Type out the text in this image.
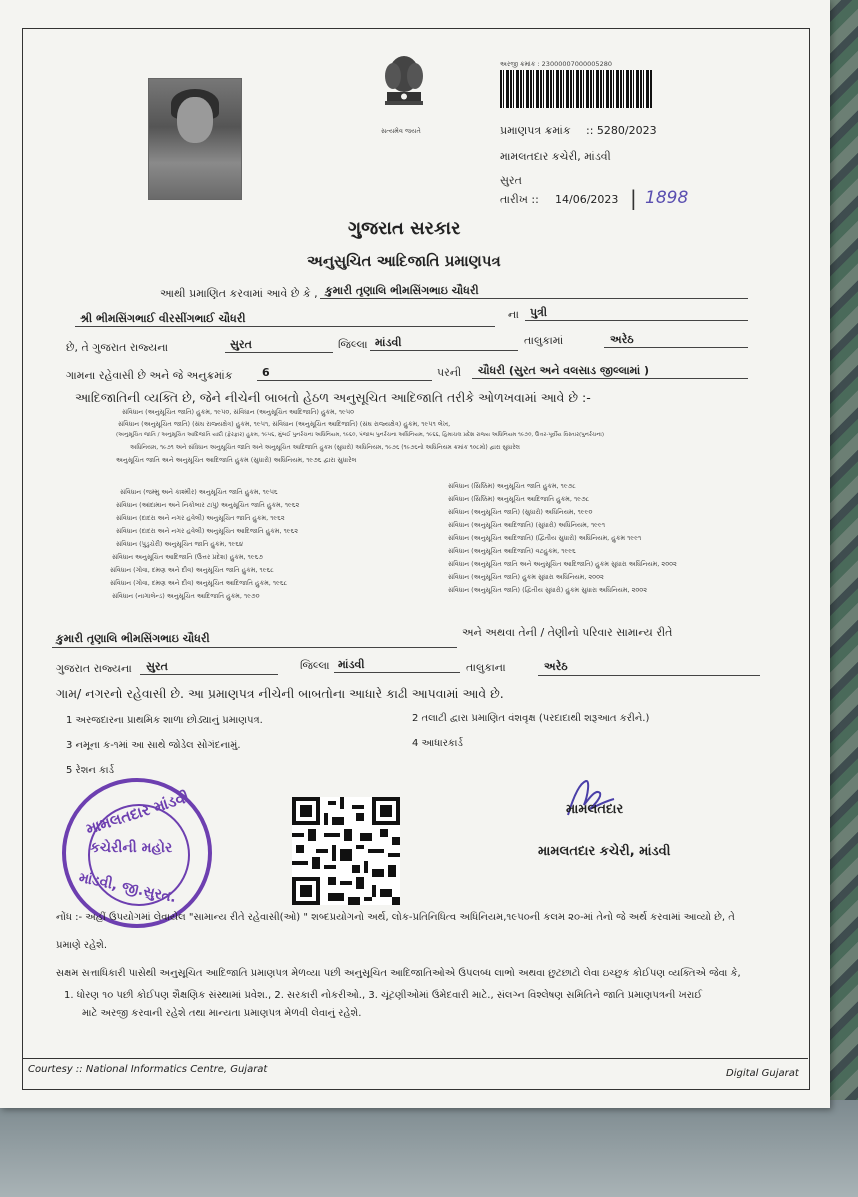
સત્યમેવ જયતે
અરજી ક્રમાંક : 23000007000005280
પ્રમાણપત્ર ક્રમાંક :: 5280/2023
મામલતદાર કચેરી, માંડવી
સુરત
તારીખ :: 14/06/2023 | 1898
ગુજરાત સરકાર
અનુસુચિત આદિજાતિ પ્રમાણપત્ર
આથી પ્રમાણિત કરવામાં આવે છે કે , કુમારી તૃણાલિ ભીમસિંગભાઇ ચૌધરી
શ્રી ભીમસિંગભાઈ વીરસીંગભાઈ ચૌધરી	ના પુત્રી
છે, તે ગુજરાત રાજ્યના	સુરત	જિલ્લા માંડવી	તાલુકામાં	અરેઠ
ગામના રહેવાસી છે અને જે અનુક્રમાંક	6	પરની ચૌધરી (સુરત અને વલસાડ જીલ્લામાં )
આદિજાતિની વ્યક્તિ છે, જેને નીચેની બાબતો હેઠળ અનુસૂચિત આદિજાતિ તરીકે ઓળખવામાં આવે છે :-
સંવિધાન (અનુસૂચિત જાતિ) હુકમ, ૧૯૫૦, સંવિધાન (અનુસૂચિત આદિજાતિ) હુકમ, ૧૯૫૦
સંવિધાન (અનુસૂચિત જાતિ) (સંઘ રાજ્યક્ષેત્ર) હુકમ, ૧૯૫૧, સંવિધાન (અનુસૂચિત આદિજાતિ) (સંઘ રાજ્યક્ષેત્ર) હુકમ, ૧૯૫૧ લેખ,
(અનુસૂચિત જાતિ / અનુસૂચિત આદિજાતિ યાદી (ફેરફાર) હુકમ, ૧૯૫૬, મુંબઈ પુનર્રચના અધિનિયમ, ૧૯૬૦, પંજાબ પુનર્રચના અધિનિયમ, ૧૯૬૬, હિમાચલ પ્રદેશ રાજ્ય અધિનિયમ ૧૯૭૦, ઉત્તર-પૂર્વીય વિસ્તાર(પુનર્રચના)
અધિનિયમ, ૧૯૭૧ અને સંવિધાન અનુસૂચિત જાતિ અને અનુસૂચિત આદિજાતિ હુકમ (સુધારો) અધિનિયમ, ૧૯૭૬ (૧૯૭૬નો અધિનિયમ ક્રમાંક ૧૦૮મો) દ્વારા સુધારેલ
અનુસૂચિત જાતિ અને અનુસૂચિત આદિજાતિ હુકમ (સુધારો) અધિનિયમ, ૧૯૭૬ દ્વારા સુધારેલ
સંવિધાન (જમ્મુ અને કાશ્મીર) અનુસૂચિત જાતિ હુકમ, ૧૯૫૬
સંવિધાન (આંદામાન અને નિકોબાર ટાપુ) અનુસૂચિત જાતિ હુકમ, ૧૯૬૨
સંવિધાન (દાદરા અને નગર હવેલી) અનુસૂચિત જાતિ હુકમ, ૧૯૬૨
સંવિધાન (દાદરા અને નગર હવેલી) અનુસૂચિત આદિજાતિ હુકમ, ૧૯૬૨
સંવિધાન (પુડુચેરી) અનુસૂચિત જાતિ હુકમ, ૧૯૬૪
સંવિધાન અનુસૂચિત આદિજાતિ (ઉત્તર પ્રદેશ) હુકમ, ૧૯૬૭
સંવિધાન (ગોવા, દમણ અને દીવ) અનુસૂચિત જાતિ હુકમ, ૧૯૬૮
સંવિધાન (ગોવા, દમણ અને દીવ) અનુસૂચિત આદિજાતિ હુકમ, ૧૯૬૮
સંવિધાન (નાગાલેન્ડ) અનુસૂચિત આદિજાતિ હુકમ, ૧૯૭૦
સંવિધાન (સિક્કિમ) અનુસૂચિત જાતિ હુકમ, ૧૯૭૮
સંવિધાન (સિક્કિમ) અનુસૂચિત આદિજાતિ હુકમ, ૧૯૭૮
સંવિધાન (અનુસૂચિત જાતિ) (સુધારો) અધિનિયમ, ૧૯૯૦
સંવિધાન (અનુસૂચિત આદિજાતિ) (સુધારો) અધિનિયમ, ૧૯૯૧
સંવિધાન (અનુસૂચિત આદિજાતિ) (દ્વિતીય સુધારો) અધિનિયમ, હુકમ ૧૯૯૧
સંવિધાન (અનુસૂચિત આદિજાતિ) વટહુકમ, ૧૯૯૬
સંવિધાન (અનુસૂચિત જાતિ અને અનુસૂચિત આદિજાતિ) હુકમ સુધારા અધિનિયમ, ૨૦૦૨
સંવિધાન (અનુસૂચિત જાતિ) હુકમ સુધારા અધિનિયમ, ૨૦૦૨
સંવિધાન (અનુસૂચિત જાતિ) (દ્વિતીય સુધારો) હુકમ સુધારા અધિનિયમ, ૨૦૦૨
કુમારી તૃણાલિ ભીમસિંગભાઇ ચૌધરી	અને અથવા તેની / તેણીનો પરિવાર સામાન્ય રીતે
ગુજરાત રાજ્યના સુરત	જિલ્લા માંડવી	તાલુકાના	અરેઠ
ગામ/ નગરનો રહેવાસી છે. આ પ્રમાણપત્ર નીચેની બાબતોના આધારે કાઢી આપવામાં આવે છે.
1 અરજદારના પ્રાથમિક શાળા છોડ્યાનું પ્રમાણપત્ર.	2 તલાટી દ્વારા પ્રમાણિત વંશવૃક્ષ (પરદાદાથી શરૂઆત કરીને.)
3 નમૂના ક-૧માં આ સાથે જોડેલ સોગંદનામું.	4 આધારકાર્ડ
5 રેશન કાર્ડ
મામલતદાર માંડવી
કચેરીની મહોર
માંડવી, જી.સુરત.
મામલતદાર
મામલતદાર કચેરી, માંડવી
નોંધ :- અહીં ઉપયોગમાં લેવાયેલ "સામાન્ય રીતે રહેવાસી(ઓ) " શબ્દપ્રયોગનો અર્થ, લોક-પ્રતિનિધિત્વ અધિનિયમ,૧૯૫૦ની કલમ ૨૦-માં તેનો જે અર્થ કરવામાં આવ્યો છે, તે
પ્રમાણે રહેશે.
સક્ષમ સત્તાધિકારી પાસેથી અનુસૂચિત આદિજાતિ પ્રમાણપત્ર મેળવ્યા પછી અનુસૂચિત આદિજાતિઓએ ઉપલબ્ધ લાભો અથવા છુટછાટો લેવા ઇચ્છુક કોઈપણ વ્યક્તિએ જેવા કે,
1. ધોરણ ૧૦ પછી કોઈપણ શૈક્ષણિક સંસ્થામાં પ્રવેશ., 2. સરકારી નોકરીઓ., 3. ચૂંટણીઓમાં ઉમેદવારી માટે., સંલગ્ન વિશ્લેષણ સમિતિને જાતિ પ્રમાણપત્રની ખરાઈ
માટે અરજી કરવાની રહેશે તથા માન્યતા પ્રમાણપત્ર મેળવી લેવાનું રહેશે.
Courtesy :: National Informatics Centre, Gujarat	Digital Gujarat
